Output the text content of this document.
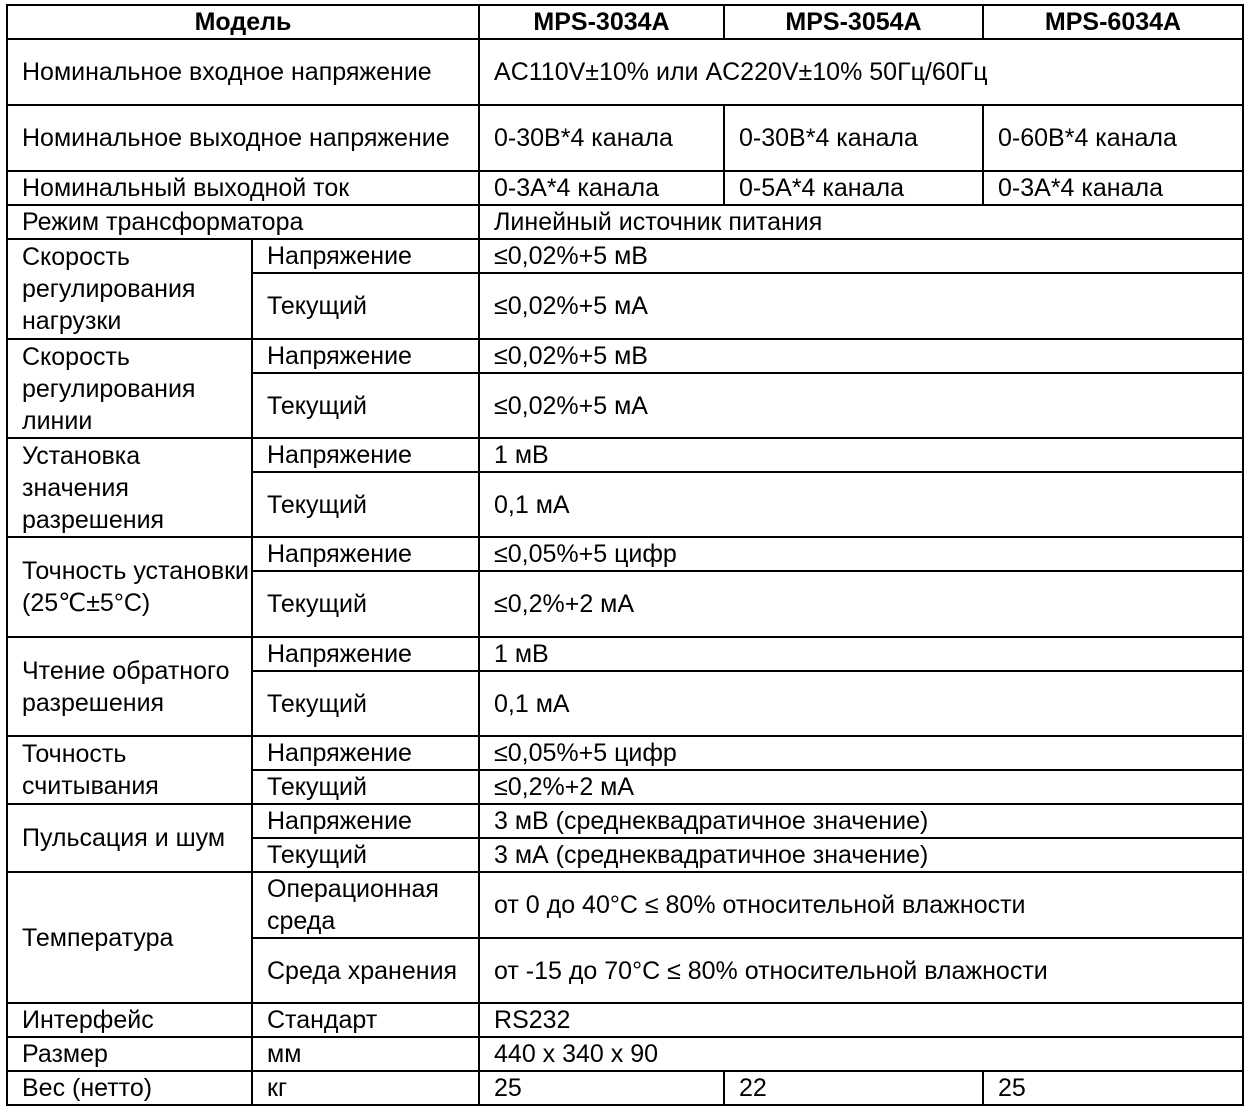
Модель		MPS-3034A	MPS-3054A	MPS-6034A
Номинальное входное напряжение		AC110V±10% или AC220V±10% 50Гц/60Гц		
Номинальное выходное напряжение		0-30В*4 канала	0-30В*4 канала	0-60В*4 канала
Номинальный выходной ток		0-3А*4 канала	0-5А*4 канала	0-3А*4 канала
Режим трансформатора		Линейный источник питания		
Скорость регулирования нагрузки	Напряжение	≤0,02%+5 мВ		
	Текущий	≤0,02%+5 мА		
Скорость регулирования линии	Напряжение	≤0,02%+5 мВ		
	Текущий	≤0,02%+5 мА		
Установка значения разрешения	Напряжение	1 мВ		
	Текущий	0,1 мА		
Точность установки (25℃±5°C)	Напряжение	≤0,05%+5 цифр		
	Текущий	≤0,2%+2 мА		
Чтение обратного разрешения	Напряжение	1 мВ		
	Текущий	0,1 мА		
Точность считывания	Напряжение	≤0,05%+5 цифр		
	Текущий	≤0,2%+2 мА		
Пульсация и шум	Напряжение	3 мВ (среднеквадратичное значение)		
	Текущий	3 мА (среднеквадратичное значение)		
Температура	Операционная среда	от 0 до 40°C ≤ 80% относительной влажности		
	Среда хранения	от -15 до 70°C ≤ 80% относительной влажности		
Интерфейс	Стандарт	RS232		
Размер	мм	440 х 340 х 90		
Вес (нетто)	кг	25	22	25
